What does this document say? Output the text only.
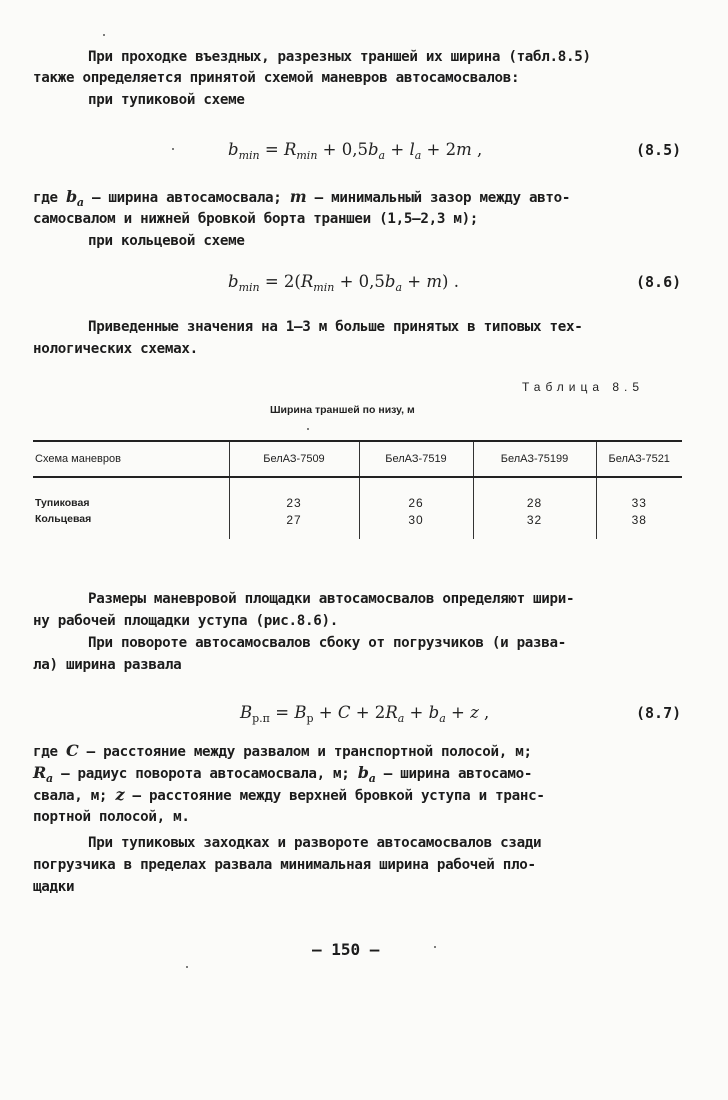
При проходке въездных, разрезных траншей их ширина (табл.8.5)
также определяется принятой схемой маневров автосамосвалов:
при тупиковой схеме
$b_{min} = R_{min} + 0,5b_a + l_a + 2m$ ,	(8.5)
где $b_a$ – ширина автосамосвала; m – минимальный зазор между авто-
самосвалом и нижней бровкой борта траншеи (1,5–2,3 м);
при кольцевой схеме
$b_{min} = 2(R_{min} + 0,5b_a + m)$ .	(8.6)
Приведенные значения на 1–3 м больше принятых в типовых тех-
нологических схемах.
Таблица 8.5
Ширина траншей по низу, м
Схема маневров	БелАЗ-7509	БелАЗ-7519	БелАЗ-75199	БелАЗ-7521

Тупиковая	23	26	28	33
Кольцевая	27	30	32	38
Размеры маневровой площадки автосамосвалов определяют шири-
ну рабочей площадки уступа (рис.8.6).
При повороте автосамосвалов сбоку от погрузчиков (и развa-
ла) ширина развала
$B_{р.п} = B_р + C + 2R_a + b_a + z$ ,	(8.7)
где C – расстояние между развалом и транспортной полосой, м;
$R_a$ – радиус поворота автосамосвала, м; $b_a$ – ширина автосамо-
свала, м; z – расстояние между верхней бровкой уступа и транс-
портной полосой, м.
При тупиковых заходках и развороте автосамосвалов сзади
погрузчика в пределах развала минимальная ширина рабочей пло-
щадки
– 150 –
